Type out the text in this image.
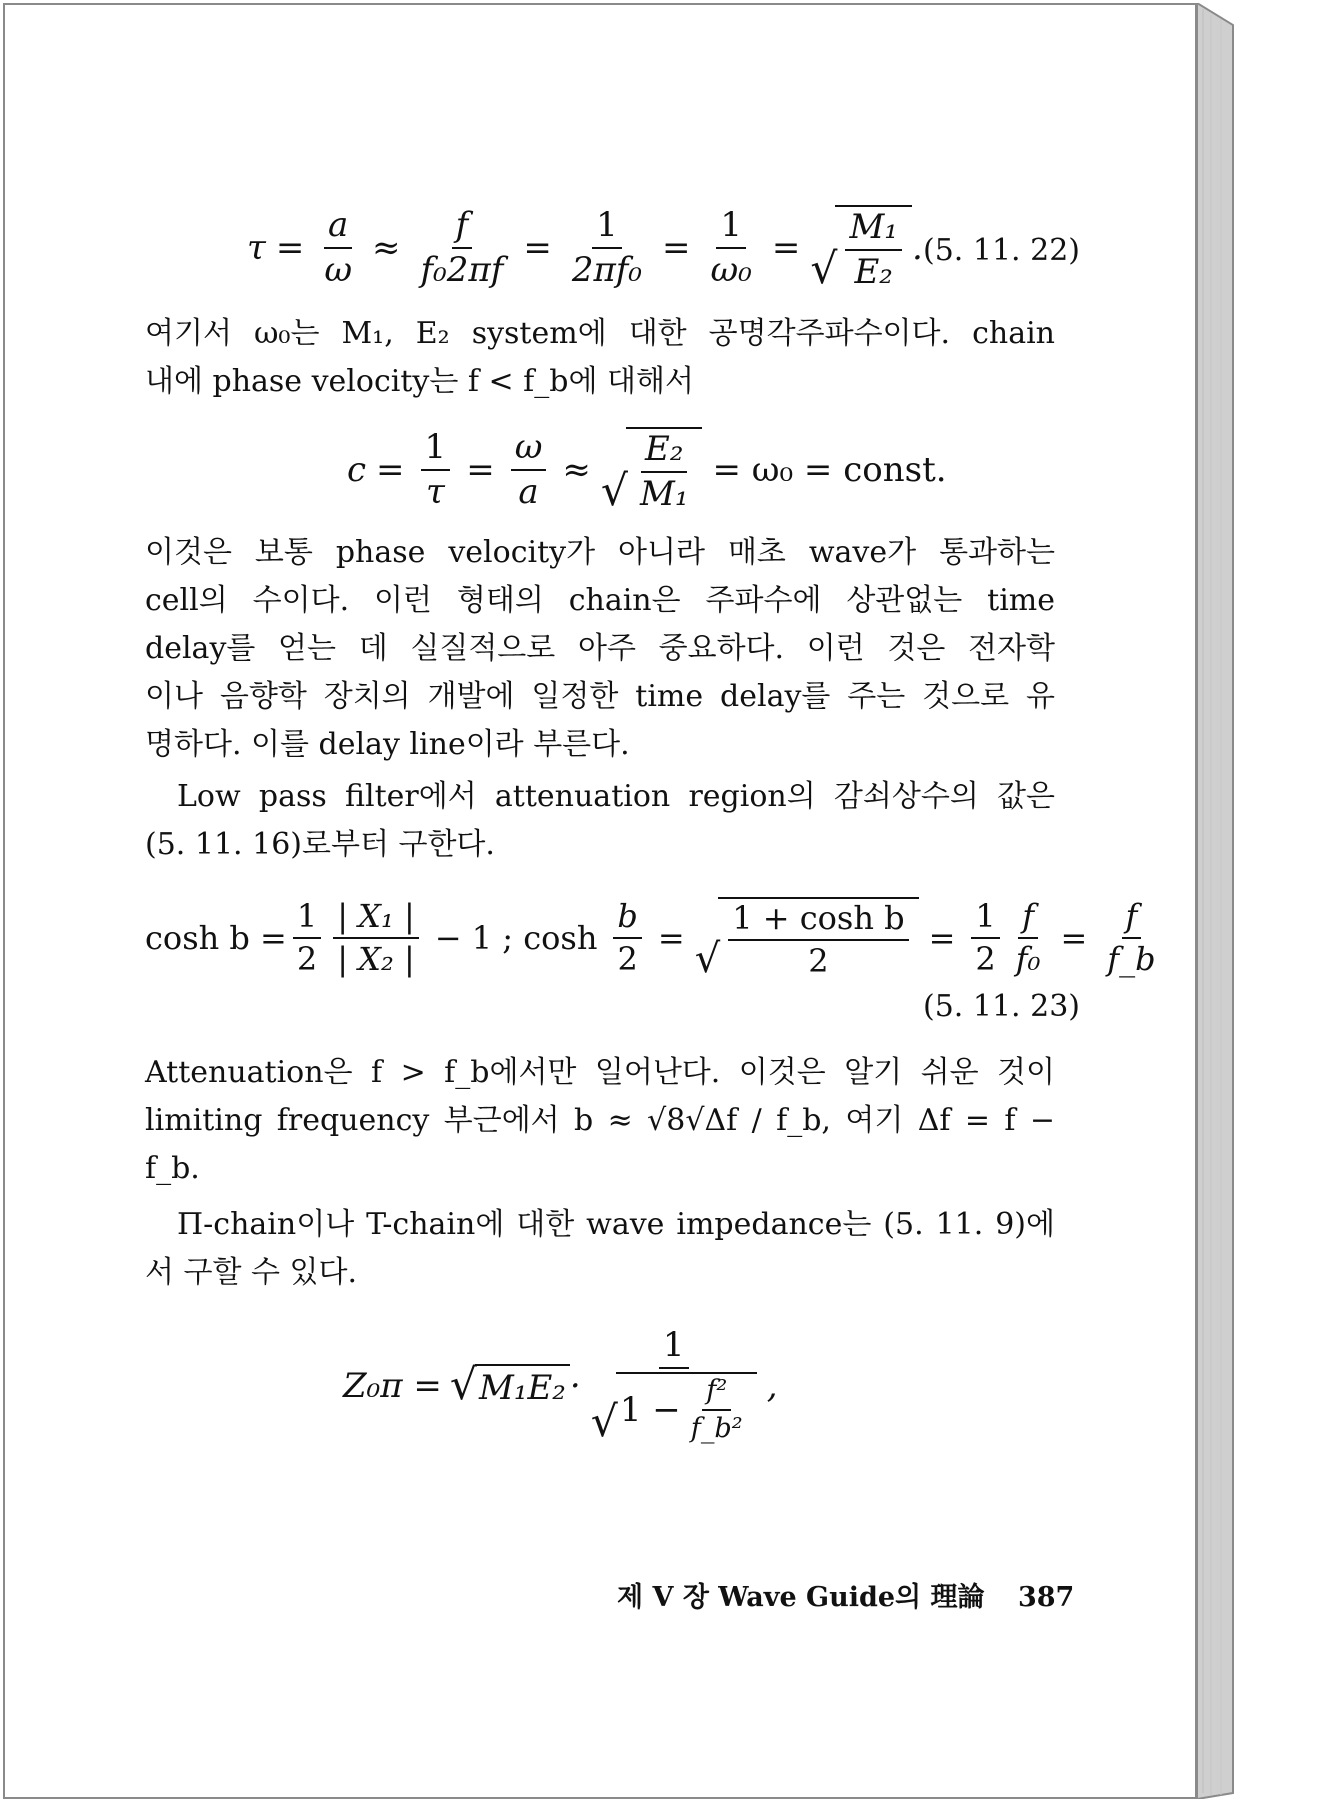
$\tau = \frac{a}{\omega} \approx \frac{f}{\text{f₀2πf}} = \frac{1}{\text{2πf₀}} = \frac{1}{\text{ω₀}}$ = √ $\frac{\text{M₁}}{\text{E₂}}$ . (5. 11. 22)
여기서 ω₀는 M₁, E₂ system에 대한 공명각주파수이다. chain
내에 phase velocity는 f < f_b에 대해서
$c = \frac{1}{\tau} = \frac{\omega}{a}$ ≈ √ $\frac{\text{E₂}}{\text{M₁}} = \omega_0$ = const.
이것은 보통 phase velocity가 아니라 매초 wave가 통과하는
cell의 수이다. 이런 형태의 chain은 주파수에 상관없는 time
delay를 얻는 데 실질적으로 아주 중요하다. 이런 것은 전자학
이나 음향학 장치의 개발에 일정한 time delay를 주는 것으로 유
명하다. 이를 delay line이라 부른다.
Low pass filter에서 attenuation region의 감쇠상수의 값은
(5. 11. 16)로부터 구한다.
$\cosh b = \frac{1}{2} \frac{\text{| X₁ |}}{\text{| X₂ |}} - 1$ ; $\cosh \frac{b}{2}$ = √ $\frac{\text{1 + cosh b}}{2} = \frac{1}{2} \frac{f}{\text{f₀}} = \frac{f}{f\_b}$
(5. 11. 23)
Attenuation은 f > f_b에서만 일어난다. 이것은 알기 쉬운 것이
limiting frequency 부근에서 b ≈ √8√Δf / f_b, 여기 Δf = f −
f_b.
Π-chain이나 T-chain에 대한 wave impedance는 (5. 11. 9)에
서 구할 수 있다.
Z₀ᴨ = √ M₁E₂ ·
1
√ $1 - \frac{\text{f²}}{\text{f\_b²}}$ ,
제 V 장 Wave Guide의 理論 387
